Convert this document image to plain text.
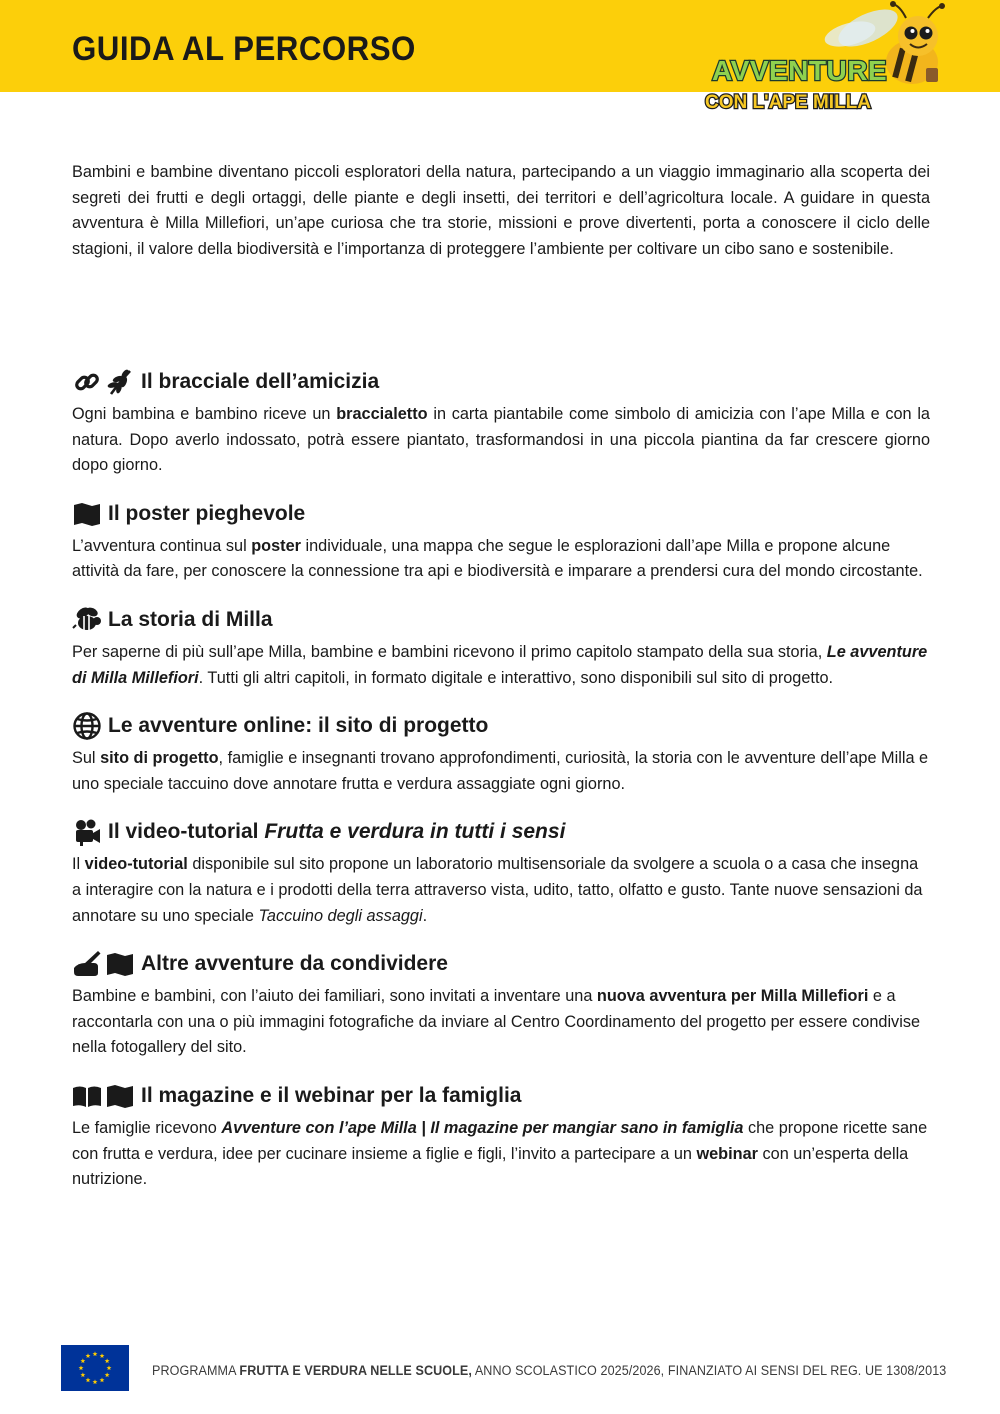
GUIDA AL PERCORSO
AVVENTURE
CON L'APE MILLA

Bambini e bambine diventano piccoli esploratori della natura, partecipando a un viaggio immaginario alla scoperta dei segreti dei frutti e degli ortaggi, delle piante e degli insetti, dei territori e dell’agricoltura locale. A guidare in questa avventura è Milla Millefiori, un’ape curiosa che tra storie, missioni e prove divertenti, porta a conoscere il ciclo delle stagioni, il valore della biodiversità e l’importanza di proteggere l’ambiente per coltivare un cibo sano e sostenibile.

Il bracciale dell’amicizia

Ogni bambina e bambino riceve un braccialetto in carta piantabile come simbolo di amicizia con l’ape Milla e con la natura. Dopo averlo indossato, potrà essere piantato, trasformandosi in una piccola piantina da far crescere giorno dopo giorno.

Il poster pieghevole

L’avventura continua sul poster individuale, una mappa che segue le esplorazioni dall’ape Milla e propone alcune attività da fare, per conoscere la connessione tra api e biodiversità e imparare a prendersi cura del mondo circostante.

La storia di Milla

Per saperne di più sull’ape Milla, bambine e bambini ricevono il primo capitolo stampato della sua storia, Le avventure di Milla Millefiori. Tutti gli altri capitoli, in formato digitale e interattivo, sono disponibili sul sito di progetto.

Le avventure online: il sito di progetto

Sul sito di progetto, famiglie e insegnanti trovano approfondimenti, curiosità, la storia con le avventure dell’ape Milla e uno speciale taccuino dove annotare frutta e verdura assaggiate ogni giorno.

Il video-tutorial Frutta e verdura in tutti i sensi

Il video-tutorial disponibile sul sito propone un laboratorio multisensoriale da svolgere a scuola o a casa che insegna a interagire con la natura e i prodotti della terra attraverso vista, udito, tatto, olfatto e gusto. Tante nuove sensazioni da annotare su uno speciale Taccuino degli assaggi.

Altre avventure da condividere

Bambine e bambini, con l’aiuto dei familiari, sono invitati a inventare una nuova avventura per Milla Millefiori e a raccontarla con una o più immagini fotografiche da inviare al Centro Coordinamento del progetto per essere condivise nella fotogallery del sito.

Il magazine e il webinar per la famiglia

Le famiglie ricevono Avventure con l’ape Milla | Il magazine per mangiar sano in famiglia che propone ricette sane con frutta e verdura, idee per cucinare insieme a figlie e figli, l’invito a partecipare a un webinar con un’esperta della nutrizione.

PROGRAMMA FRUTTA E VERDURA NELLE SCUOLE, ANNO SCOLASTICO 2025/2026, FINANZIATO AI SENSI DEL REG. UE 1308/2013
